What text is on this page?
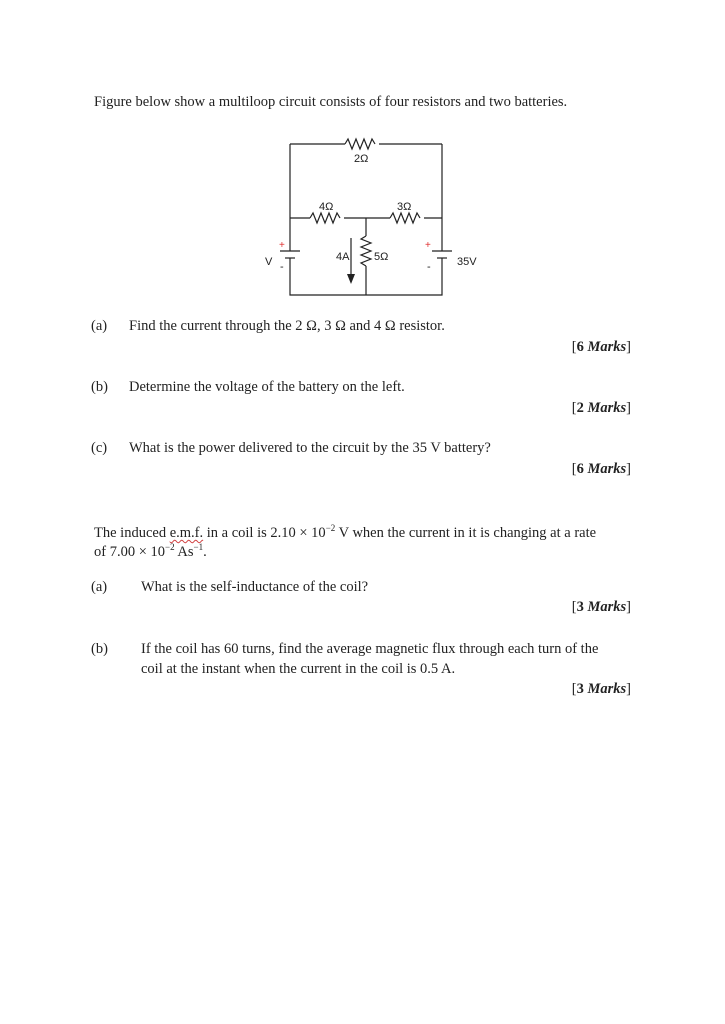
Figure below show a multiloop circuit consists of four resistors and two batteries.
2Ω
4Ω	3Ω
5Ω
4A
V	35V
+
-
+
-
(a) Find the current through the 2 Ω, 3 Ω and 4 Ω resistor.
[6 Marks]
(b) Determine the voltage of the battery on the left.
[2 Marks]
(c) What is the power delivered to the circuit by the 35 V battery?
[6 Marks]
The induced e.m.f. in a coil is $2.10 \times 10^{-2}$ V when the current in it is changing at a rate
of $7.00 \times 10^{-2}$ $As^{-1}$.
(a) What is the self-inductance of the coil?
[3 Marks]
(b) If the coil has 60 turns, find the average magnetic flux through each turn of the
coil at the instant when the current in the coil is 0.5 A.
[3 Marks]
